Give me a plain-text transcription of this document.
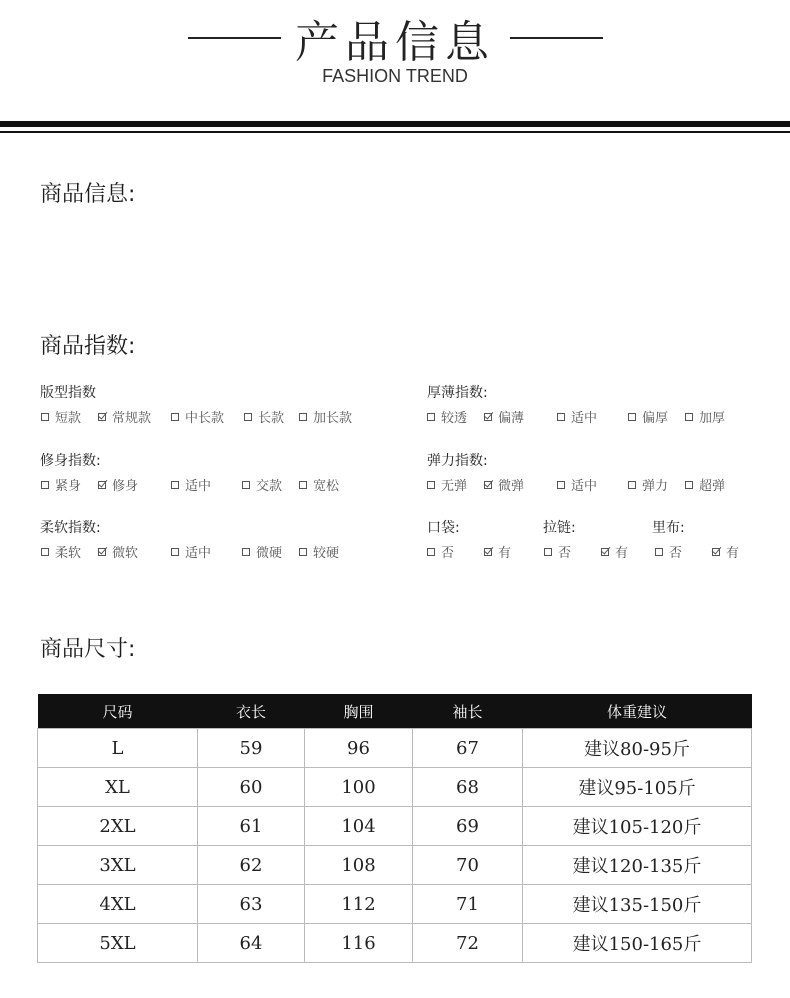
产品信息
FASHION TREND
商品信息:
商品指数:
版型指数	厚薄指数:
修身指数:	弹力指数:
柔软指数:	口袋:	拉链:	里布:
短款 常规款	中长款	长款 加长款	较透 偏薄	适中	偏厚 加厚
紧身 修身	适中	交款 宽松	无弹 微弹	适中	弹力 超弹
柔软 微软	适中	微硬 较硬	否	有	否	有	否	有
商品尺寸:
尺码	衣长	胸围	袖长	体重建议
L	59	96	67	建议80-95斤
XL	60	100	68	建议95-105斤
2XL	61	104	69	建议105-120斤
3XL	62	108	70	建议120-135斤
4XL	63	112	71	建议135-150斤
5XL	64	116	72	建议150-165斤
